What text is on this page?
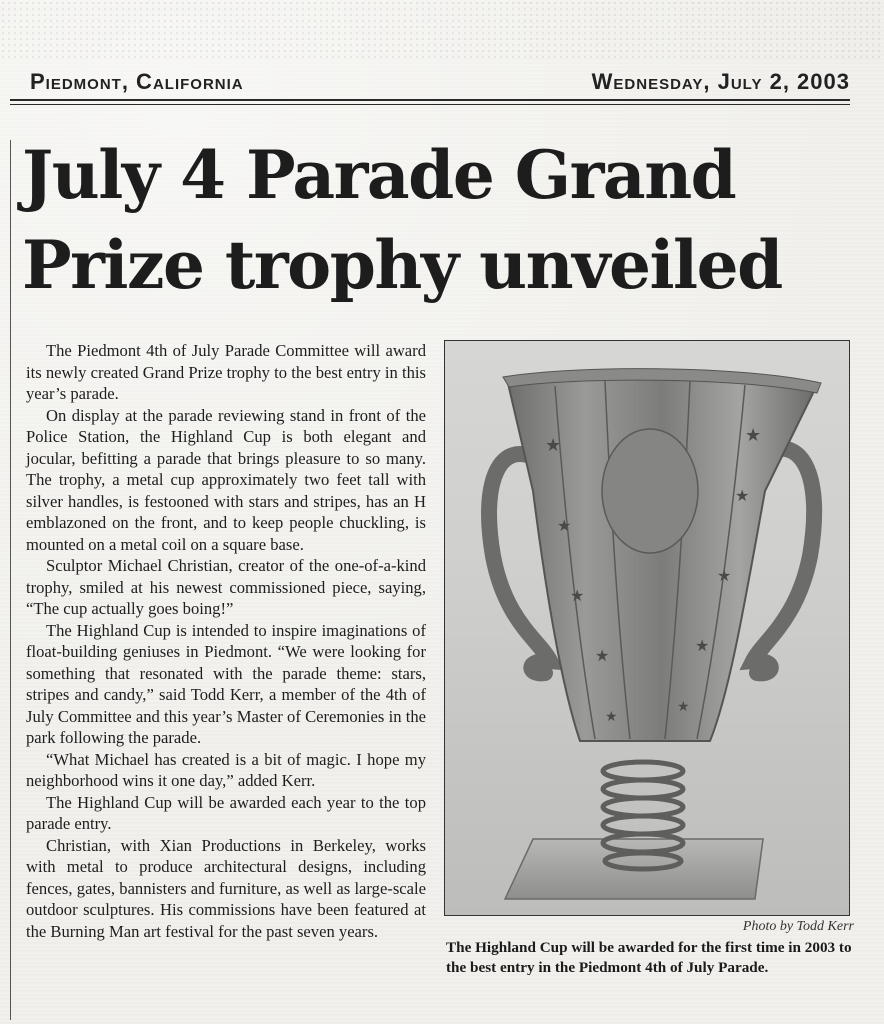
Piedmont, California	Wednesday, July 2, 2003
July 4 Parade Grand
Prize trophy unveiled

The Piedmont 4th of July Parade Committee will award its newly created Grand Prize trophy to the best entry in this year’s parade.

On display at the parade reviewing stand in front of the Police Station, the Highland Cup is both elegant and jocular, befitting a parade that brings pleasure to so many. The trophy, a metal cup approximately two feet tall with silver handles, is festooned with stars and stripes, has an H emblazoned on the front, and to keep people chuckling, is mounted on a metal coil on a square base.

Sculptor Michael Christian, creator of the one-of-a-kind trophy, smiled at his newest commissioned piece, saying, “The cup actually goes boing!”

The Highland Cup is intended to inspire imaginations of float-building geniuses in Piedmont. “We were looking for something that resonated with the parade theme: stars, stripes and candy,” said Todd Kerr, a member of the 4th of July Committee and this year’s Master of Ceremonies in the park following the parade.

“What Michael has created is a bit of magic. I hope my neighborhood wins it one day,” added Kerr.

The Highland Cup will be awarded each year to the top parade entry.

Christian, with Xian Productions in Berkeley, works with metal to produce architectural designs, including fences, gates, bannisters and furniture, as well as large-scale outdoor sculptures. His commissions have been featured at the Burning Man art festival for the past seven years.

★
★
★
★
★
★
★
★
★
★
Photo by Todd Kerr
The Highland Cup will be awarded for the first time in 2003 to the best entry in the Piedmont 4th of July Parade.
